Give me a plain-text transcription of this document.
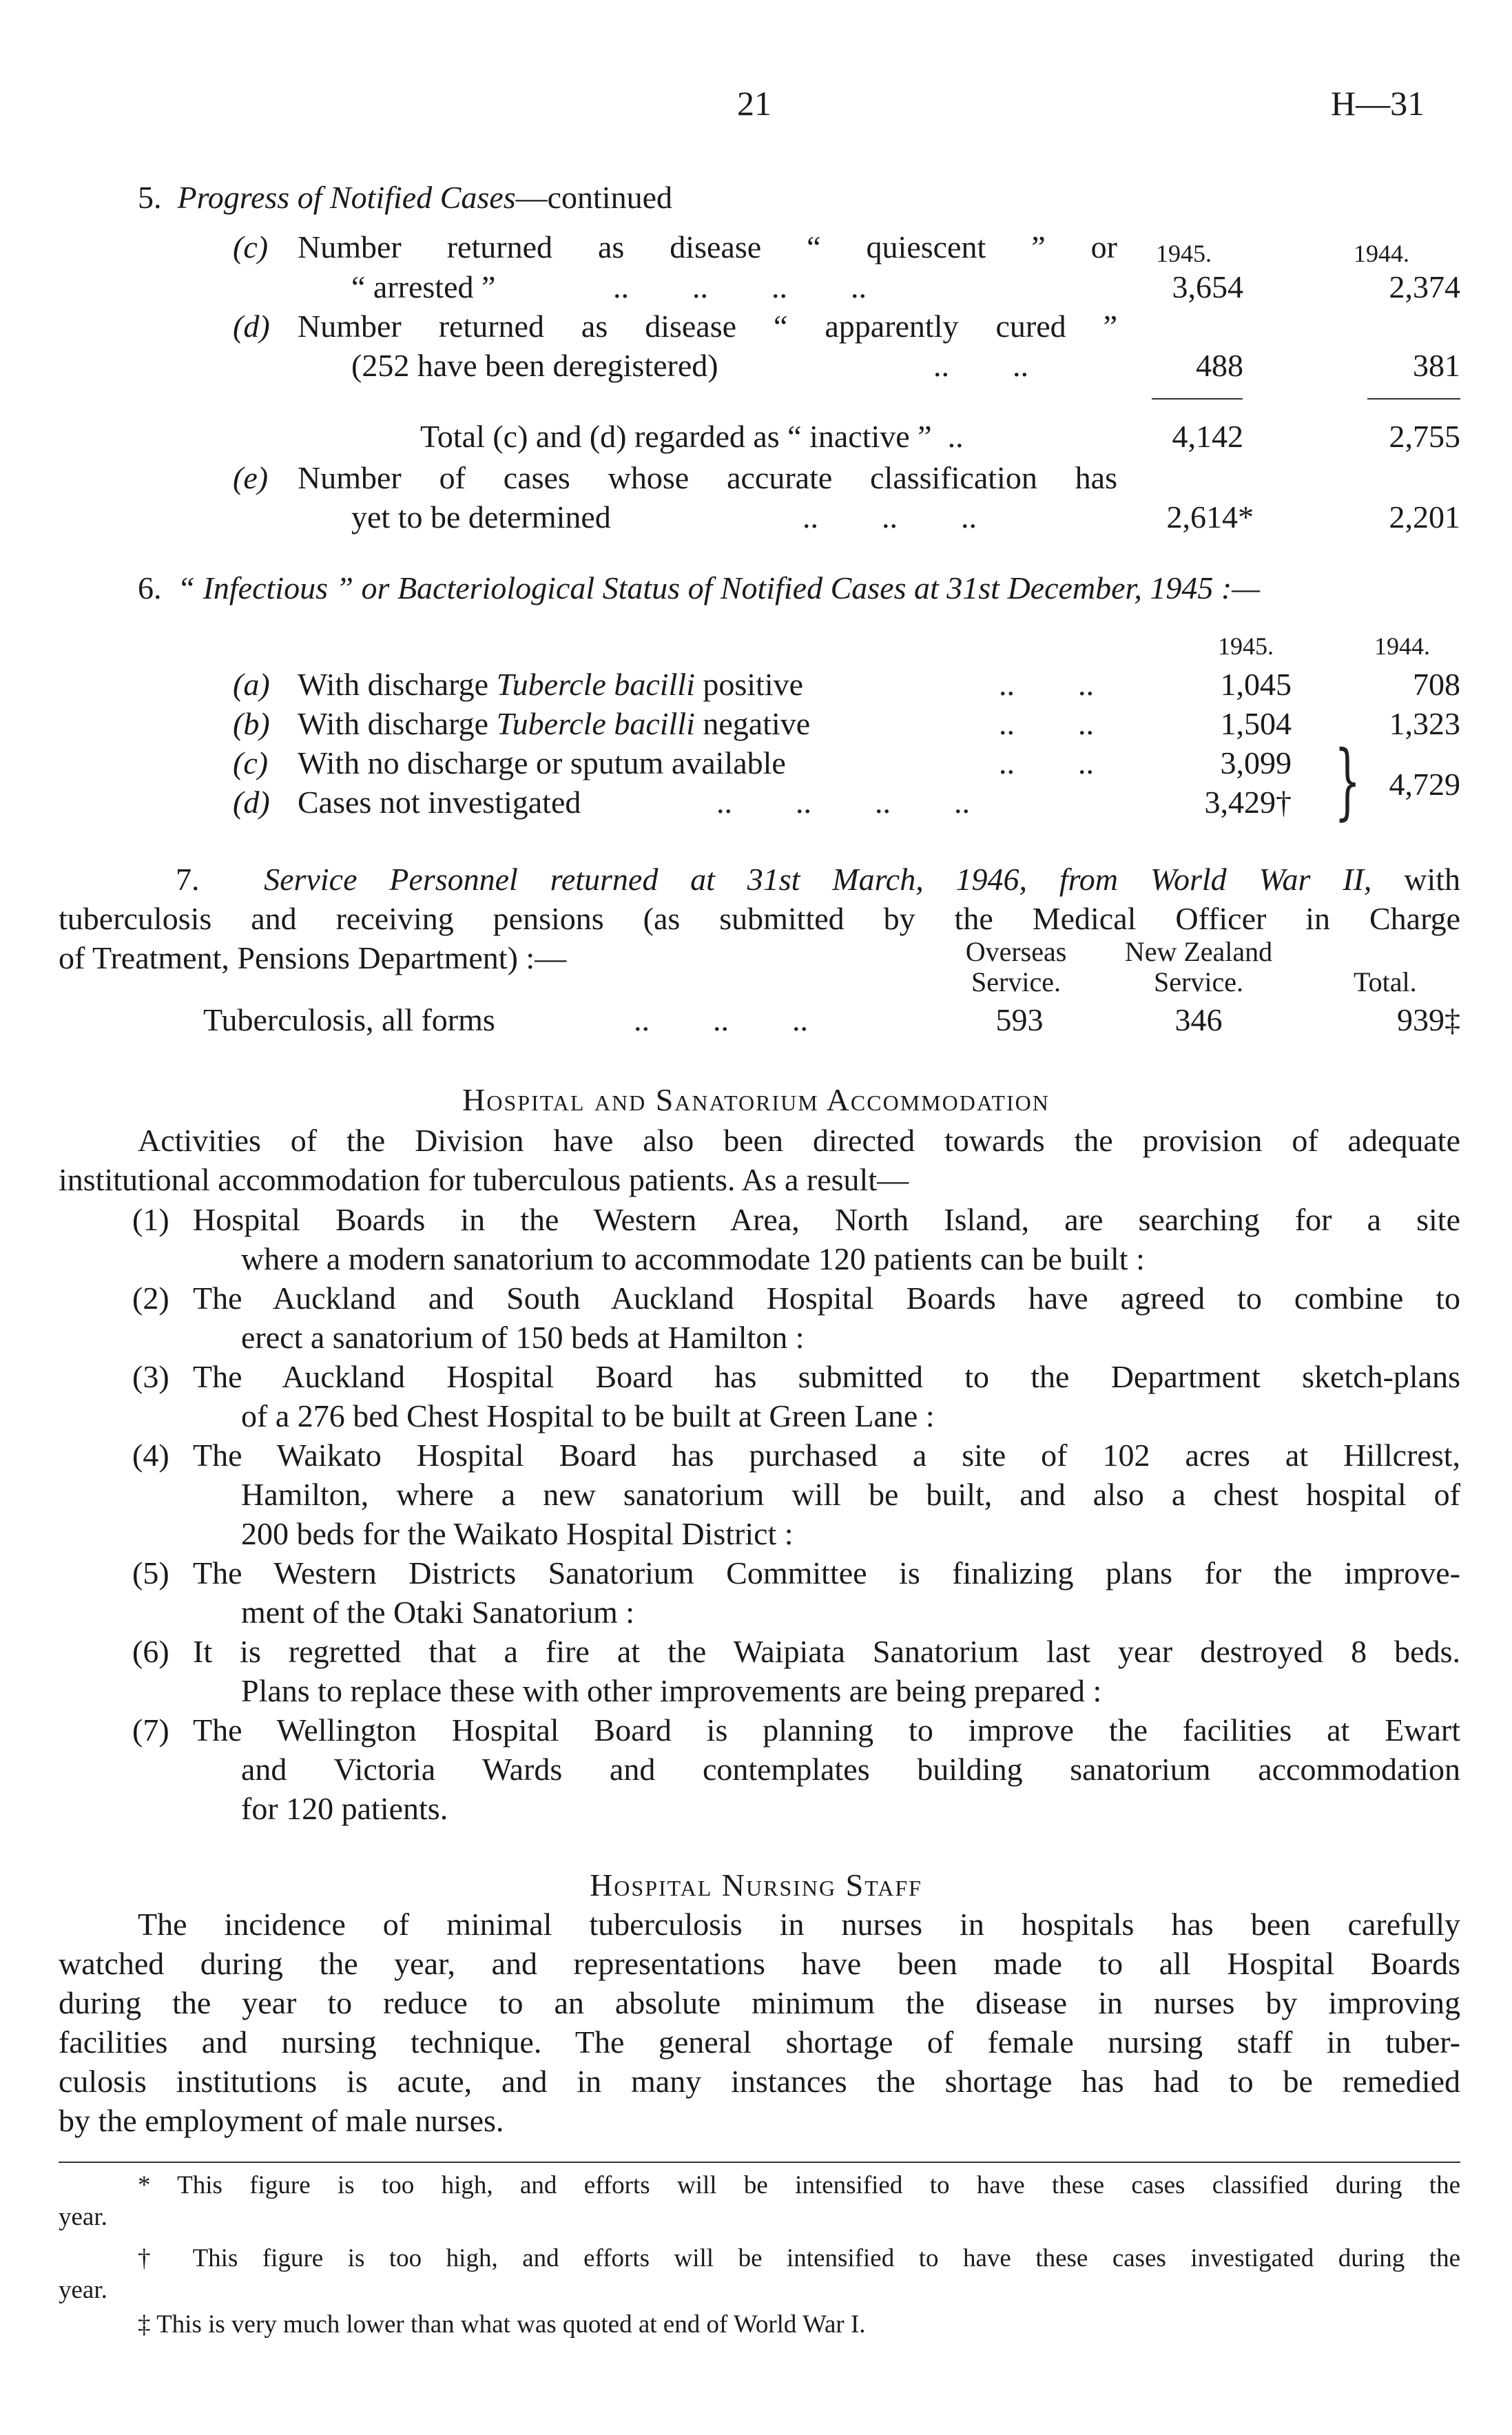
21	H—31
5. Progress of Notified Cases—continued
1945.	1944.
(c) Number returned as disease “ quiescent ” or
“ arrested ”	..        ..        ..        ..	3,654	2,374
(d) Number returned as disease “ apparently cured ”
(252 have been deregistered)	..        ..	488	381
Total (c) and (d) regarded as “ inactive ”  ..	4,142	2,755
(e) Number of cases whose accurate classification has
yet to be determined	..        ..        ..	2,614*	2,201
6. “ Infectious ” or Bacteriological Status of Notified Cases at 31st December, 1945 :—
1945.	1944.
(a) With discharge Tubercle bacilli positive	..        ..	1,045	708
(b) With discharge Tubercle bacilli negative	..        ..	1,504	1,323
(c) With no discharge or sputum available	..        ..	3,099
(d) Cases not investigated	..        ..        ..        ..	3,429† } 4,729
7. Service Personnel returned at 31st March, 1946, from World War II, with
tuberculosis and receiving pensions (as submitted by the Medical Officer in Charge
of Treatment, Pensions Department) :—	Overseas
Service.
New Zealand
Service.	Total.
Tuberculosis, all forms	..        ..        ..	593	346	939‡
Hospital and Sanatorium Accommodation
Activities of the Division have also been directed towards the provision of adequate
institutional accommodation for tuberculous patients. As a result—
(1) Hospital Boards in the Western Area, North Island, are searching for a site
where a modern sanatorium to accommodate 120 patients can be built :
(2) The Auckland and South Auckland Hospital Boards have agreed to combine to
erect a sanatorium of 150 beds at Hamilton :
(3) The Auckland Hospital Board has submitted to the Department sketch-plans
of a 276 bed Chest Hospital to be built at Green Lane :
(4) The Waikato Hospital Board has purchased a site of 102 acres at Hillcrest,
Hamilton, where a new sanatorium will be built, and also a chest hospital of
200 beds for the Waikato Hospital District :
(5) The Western Districts Sanatorium Committee is finalizing plans for the improve-
ment of the Otaki Sanatorium :
(6) It is regretted that a fire at the Waipiata Sanatorium last year destroyed 8 beds.
Plans to replace these with other improvements are being prepared :
(7) The Wellington Hospital Board is planning to improve the facilities at Ewart
and Victoria Wards and contemplates building sanatorium accommodation
for 120 patients.
Hospital Nursing Staff
The incidence of minimal tuberculosis in nurses in hospitals has been carefully
watched during the year, and representations have been made to all Hospital Boards
during the year to reduce to an absolute minimum the disease in nurses by improving
facilities and nursing technique. The general shortage of female nursing staff in tuber-
culosis institutions is acute, and in many instances the shortage has had to be remedied
by the employment of male nurses.
* This figure is too high, and efforts will be intensified to have these cases classified during the
year.
† This figure is too high, and efforts will be intensified to have these cases investigated during the
year.
‡ This is very much lower than what was quoted at end of World War I.
